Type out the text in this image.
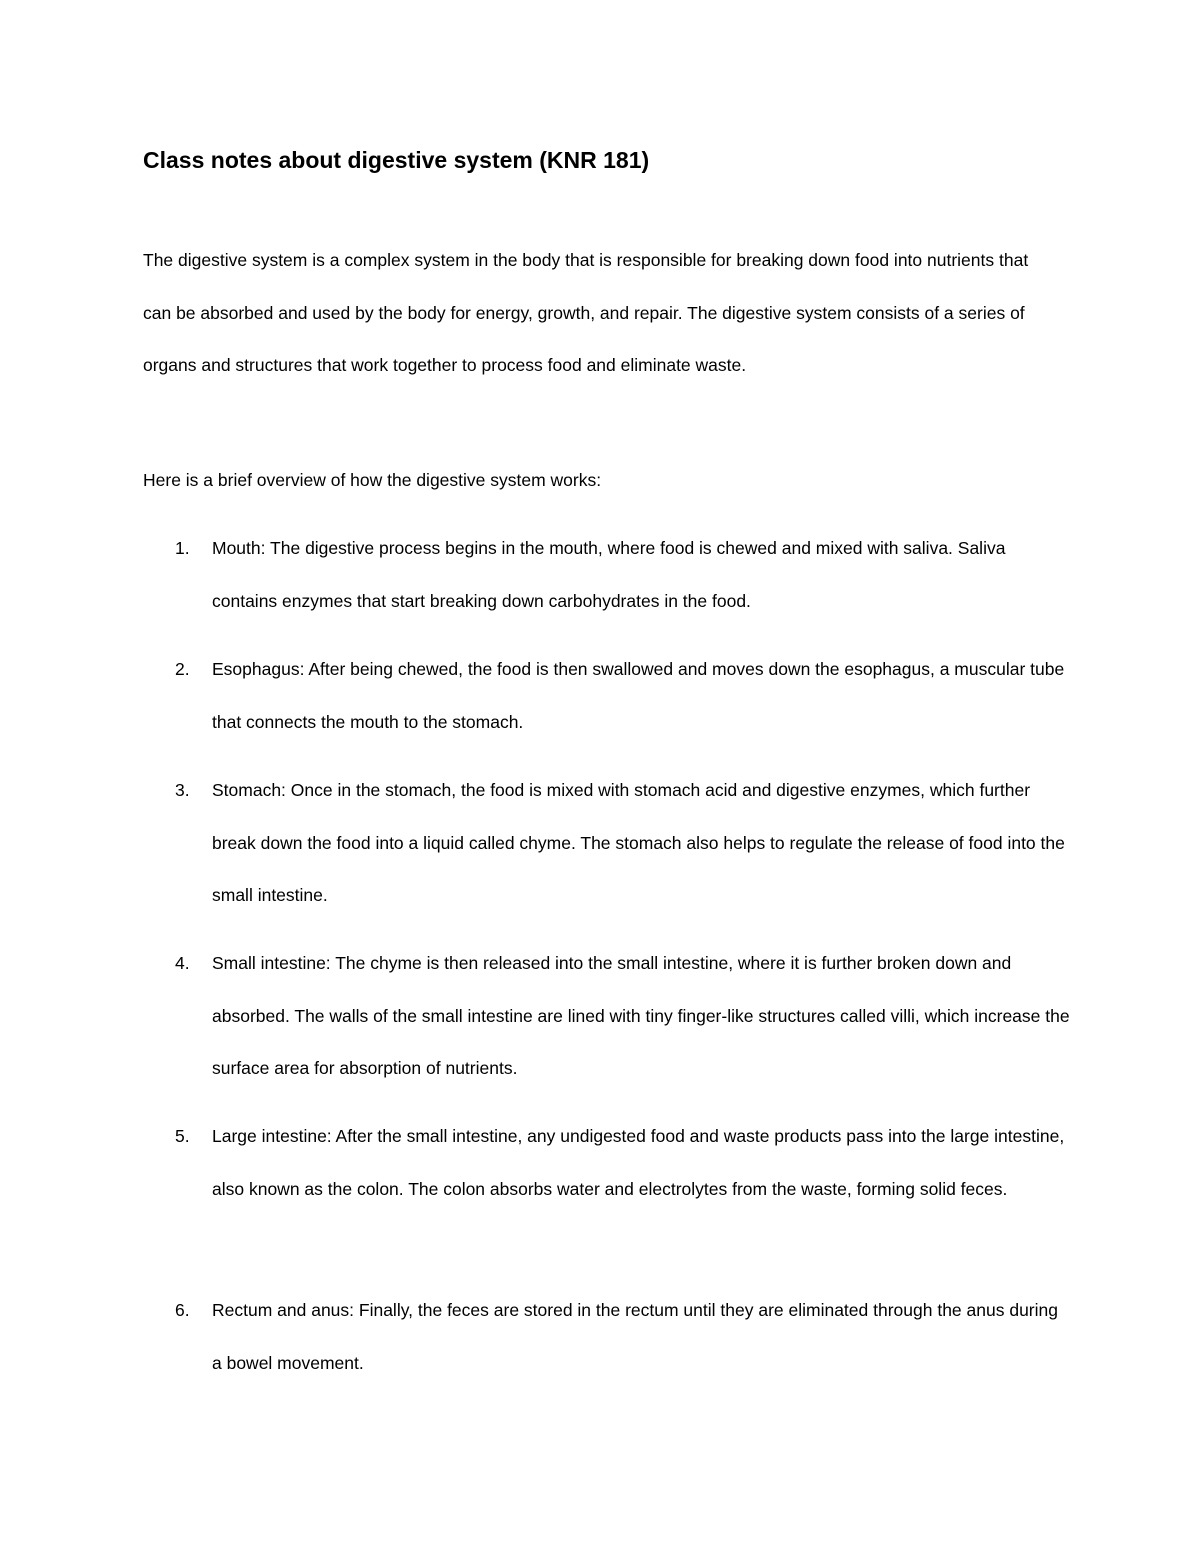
Class notes about digestive system (KNR 181)

The digestive system is a complex system in the body that is responsible for breaking down food into nutrients that can be absorbed and used by the body for energy, growth, and repair. The digestive system consists of a series of organs and structures that work together to process food and eliminate waste.

Here is a brief overview of how the digestive system works:

1. Mouth: The digestive process begins in the mouth, where food is chewed and mixed with saliva. Saliva contains enzymes that start breaking down carbohydrates in the food.

2. Esophagus: After being chewed, the food is then swallowed and moves down the esophagus, a muscular tube that connects the mouth to the stomach.

3. Stomach: Once in the stomach, the food is mixed with stomach acid and digestive enzymes, which further break down the food into a liquid called chyme. The stomach also helps to regulate the release of food into the small intestine.

4. Small intestine: The chyme is then released into the small intestine, where it is further broken down and absorbed. The walls of the small intestine are lined with tiny finger-like structures called villi, which increase the surface area for absorption of nutrients.

5. Large intestine: After the small intestine, any undigested food and waste products pass into the large intestine, also known as the colon. The colon absorbs water and electrolytes from the waste, forming solid feces.

6. Rectum and anus: Finally, the feces are stored in the rectum until they are eliminated through the anus during a bowel movement.
